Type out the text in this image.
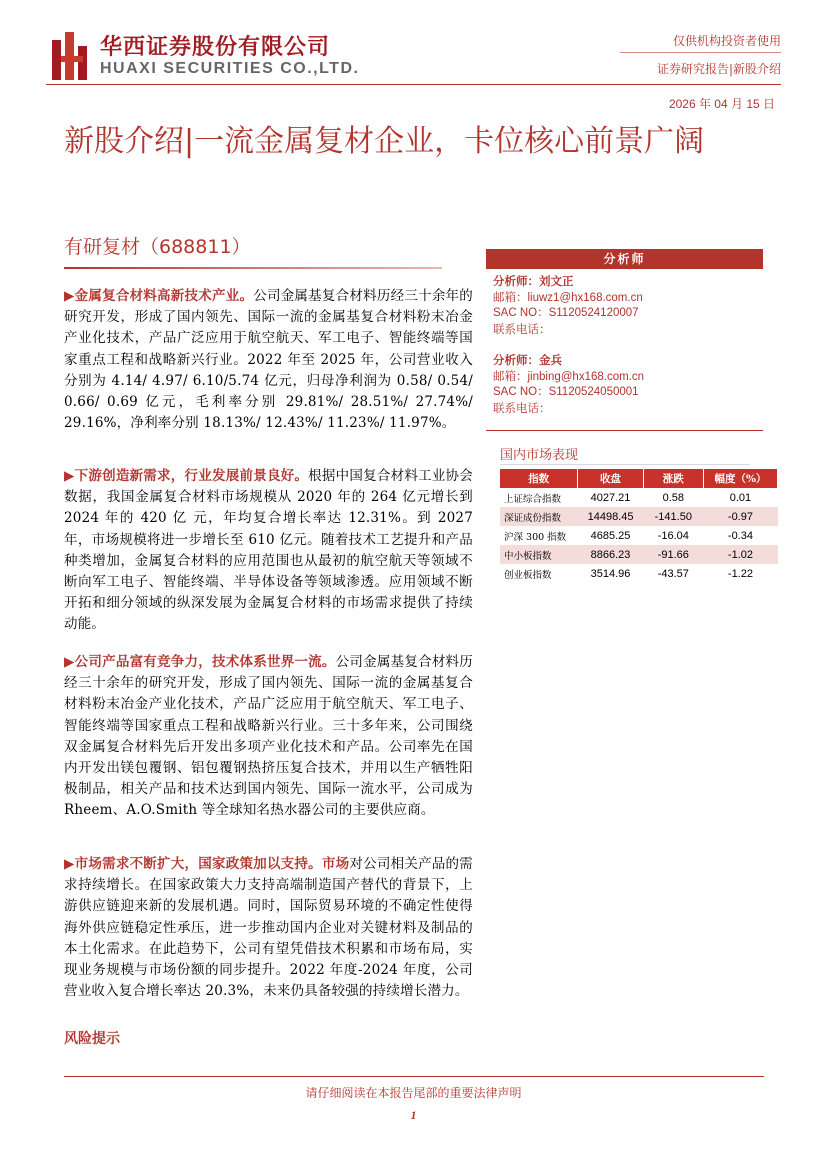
华西证券股份有限公司
HUAXI SECURITIES CO.,LTD.
仅供机构投资者使用
证券研究报告|新股介绍
2026 年 04 月 15 日
新股介绍|一流金属复材企业，卡位核心前景广阔
有研复材（688811）
▶金属复合材料高新技术产业。公司金属基复合材料历经三十余年的研究开发，形成了国内领先、国际一流的金属基复合材料粉末冶金产业化技术，产品广泛应用于航空航天、军工电子、智能终端等国家重点工程和战略新兴行业。2022 年至 2025 年，公司营业收入分别为 4.14/ 4.97/ 6.10/5.74 亿元，归母净利润为 0.58/ 0.54/ 0.66/ 0.69 亿元，毛利率分别 29.81%/ 28.51%/ 27.74%/ 29.16%，净利率分别 18.13%/ 12.43%/ 11.23%/ 11.97%。
▶下游创造新需求，行业发展前景良好。根据中国复合材料工业协会数据，我国金属复合材料市场规模从 2020 年的 264 亿元增长到 2024 年的 420 亿 元，年均复合增长率达 12.31%。到 2027 年，市场规模将进一步增长至 610 亿元。随着技术工艺提升和产品种类增加，金属复合材料的应用范围也从最初的航空航天等领域不断向军工电子、智能终端、半导体设备等领域渗透。应用领域不断开拓和细分领域的纵深发展为金属复合材料的市场需求提供了持续动能。
▶公司产品富有竞争力，技术体系世界一流。公司金属基复合材料历经三十余年的研究开发，形成了国内领先、国际一流的金属基复合材料粉末冶金产业化技术，产品广泛应用于航空航天、军工电子、智能终端等国家重点工程和战略新兴行业。三十多年来，公司围绕双金属复合材料先后开发出多项产业化技术和产品。公司率先在国内开发出镁包覆钢、铝包覆钢热挤压复合技术，并用以生产牺牲阳极制品，相关产品和技术达到国内领先、国际一流水平，公司成为 Rheem、A.O.Smith 等全球知名热水器公司的主要供应商。
▶市场需求不断扩大，国家政策加以支持。市场对公司相关产品的需求持续增长。在国家政策大力支持高端制造国产替代的背景下，上游供应链迎来新的发展机遇。同时，国际贸易环境的不确定性使得海外供应链稳定性承压，进一步推动国内企业对关键材料及制品的本土化需求。在此趋势下，公司有望凭借技术积累和市场布局，实现业务规模与市场份额的同步提升。2022 年度-2024 年度，公司营业收入复合增长率达 20.3%，未来仍具备较强的持续增长潜力。
风险提示
分析师
分析师：刘文正
邮箱：liuwz1@hx168.com.cn
SAC NO：S1120524120007
联系电话：
分析师：金兵
邮箱：jinbing@hx168.com.cn
SAC NO：S1120524050001
联系电话：
国内市场表现
指数	收盘	涨跌	幅度（%）
上证综合指数	4027.21	0.58	0.01
深证成份指数	14498.45	-141.50	-0.97
沪深 300 指数	4685.25	-16.04	-0.34
中小板指数	8866.23	-91.66	-1.02
创业板指数	3514.96	-43.57	-1.22
请仔细阅读在本报告尾部的重要法律声明
1
